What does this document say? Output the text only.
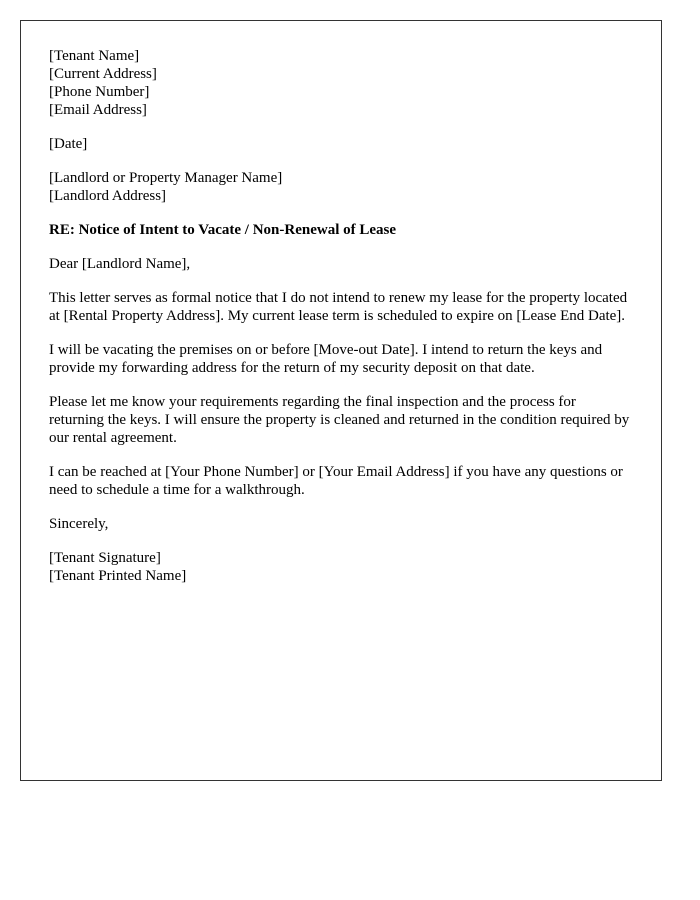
[Tenant Name]
[Current Address]
[Phone Number]
[Email Address]

[Date]

[Landlord or Property Manager Name]
[Landlord Address]

RE: Notice of Intent to Vacate / Non-Renewal of Lease

Dear [Landlord Name],

This letter serves as formal notice that I do not intend to renew my lease for the property located at [Rental Property Address]. My current lease term is scheduled to expire on [Lease End Date].

I will be vacating the premises on or before [Move-out Date]. I intend to return the keys and provide my forwarding address for the return of my security deposit on that date.

Please let me know your requirements regarding the final inspection and the process for returning the keys. I will ensure the property is cleaned and returned in the condition required by our rental agreement.

I can be reached at [Your Phone Number] or [Your Email Address] if you have any questions or need to schedule a time for a walkthrough.

Sincerely,

[Tenant Signature]
[Tenant Printed Name]
